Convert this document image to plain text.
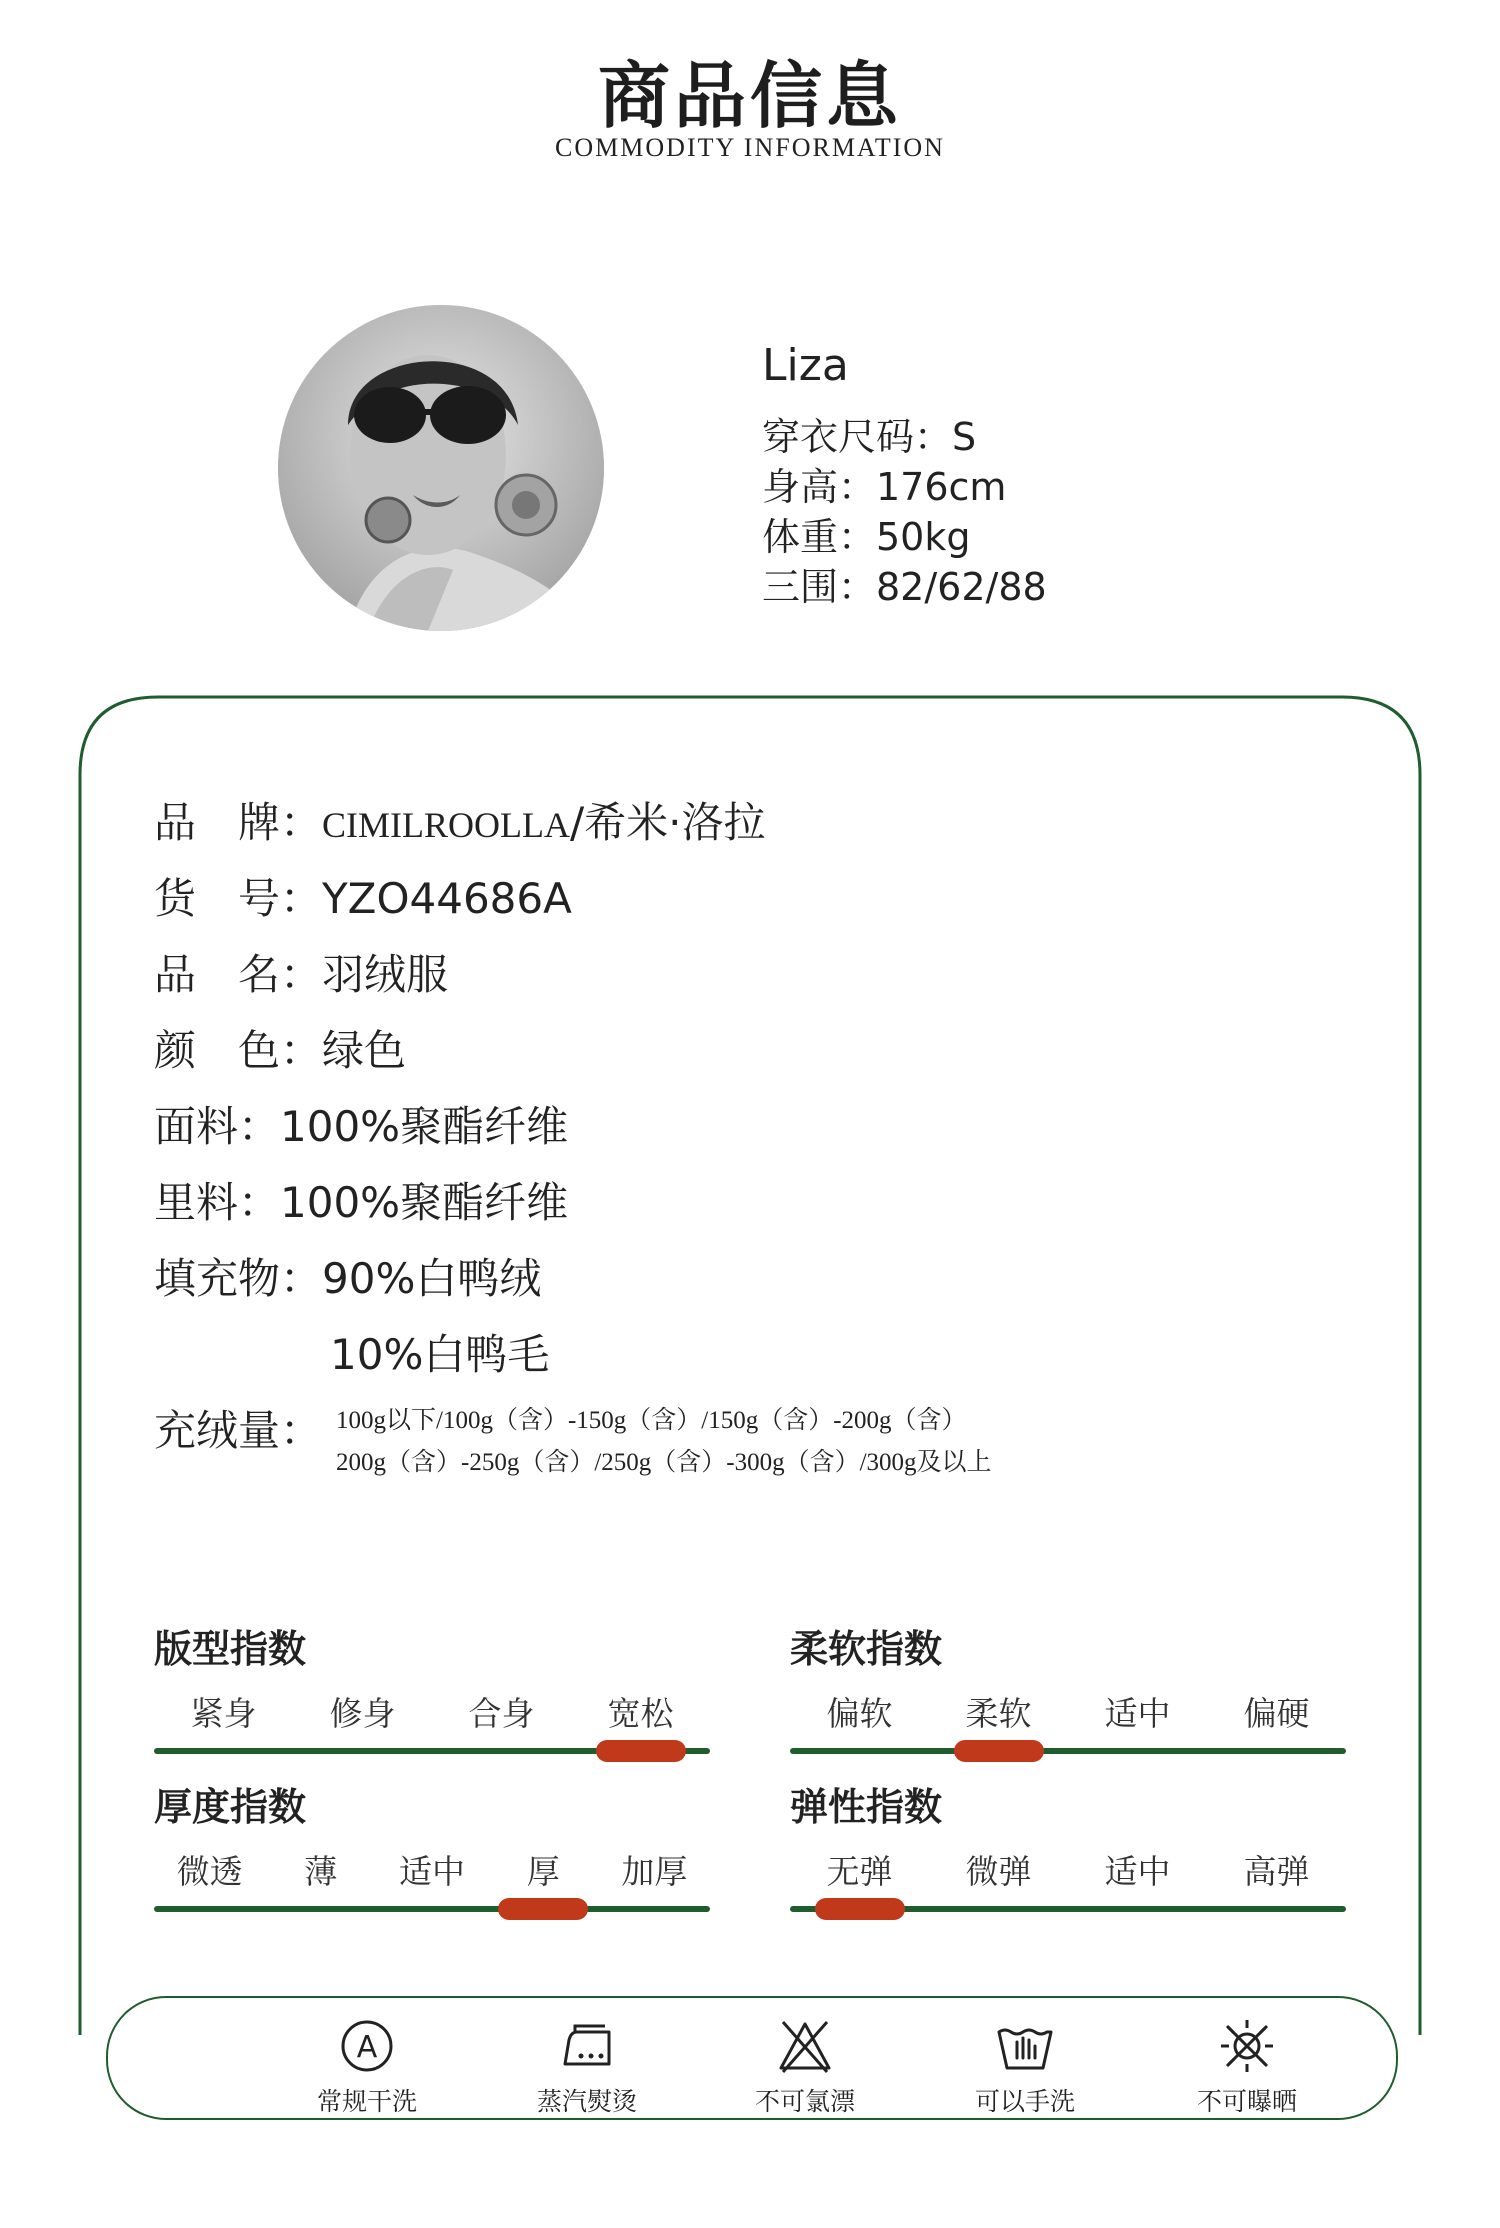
商品信息
COMMODITY INFORMATION
Liza
穿衣尺码：S
身高：176cm
体重：50kg
三围：82/62/88
品　牌：CIMILROOLLA/希米·洛拉
货　号：YZO44686A
品　名：羽绒服
颜　色：绿色
面料：100%聚酯纤维
里料：100%聚酯纤维
填充物：90%白鸭绒
10%白鸭毛
充绒量： 100g以下/100g（含）-150g（含）/150g（含）-200g（含）
200g（含）-250g（含）/250g（含）-300g（含）/300g及以上
版型指数
紧身	修身	合身	宽松
柔软指数
偏软	柔软	适中	偏硬
厚度指数
微透	薄	适中	厚	加厚
弹性指数
无弹	微弹	适中	高弹
A
常规干洗	蒸汽熨烫	不可氯漂	可以手洗	不可曝晒
